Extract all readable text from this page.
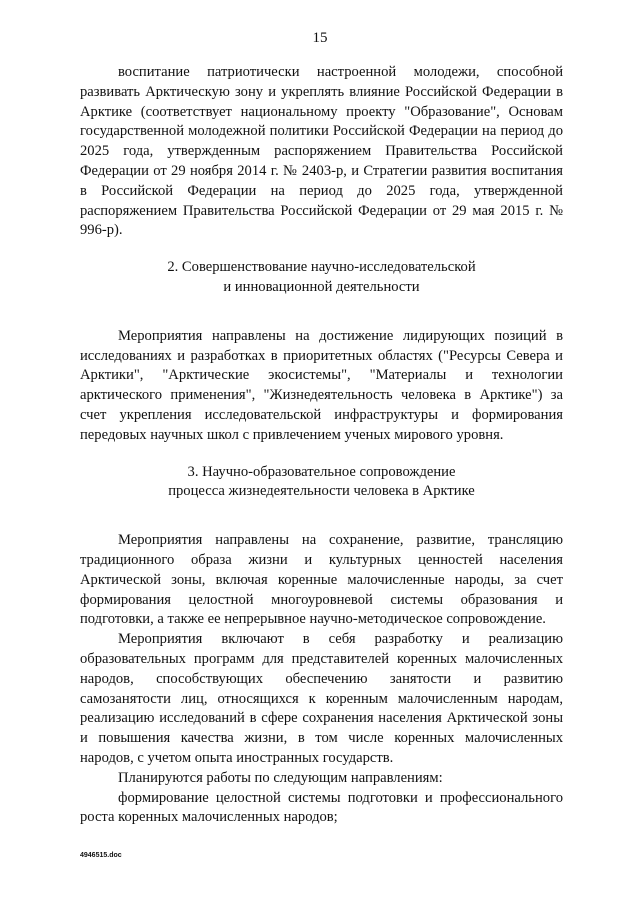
15

воспитание патриотически настроенной молодежи, способной развивать Арктическую зону и укреплять влияние Российской Федерации в Арктике (соответствует национальному проекту "Образование", Основам государственной молодежной политики Российской Федерации на период до 2025 года, утвержденным распоряжением Правительства Российской Федерации от 29 ноября 2014 г. № 2403-р, и Стратегии развития воспитания в Российской Федерации на период до 2025 года, утвержденной распоряжением Правительства Российской Федерации от 29 мая 2015 г. № 996-р).

2. Совершенствование научно-исследовательской
и инновационной деятельности

Мероприятия направлены на достижение лидирующих позиций в исследованиях и разработках в приоритетных областях ("Ресурсы Севера и Арктики", "Арктические экосистемы", "Материалы и технологии арктического применения", "Жизнедеятельность человека в Арктике") за счет укрепления исследовательской инфраструктуры и формирования передовых научных школ с привлечением ученых мирового уровня.

3. Научно-образовательное сопровождение
процесса жизнедеятельности человека в Арктике

Мероприятия направлены на сохранение, развитие, трансляцию традиционного образа жизни и культурных ценностей населения Арктической зоны, включая коренные малочисленные народы, за счет формирования целостной многоуровневой системы образования и подготовки, а также ее непрерывное научно-методическое сопровождение.

Мероприятия включают в себя разработку и реализацию образовательных программ для представителей коренных малочисленных народов, способствующих обеспечению занятости и развитию самозанятости лиц, относящихся к коренным малочисленным народам, реализацию исследований в сфере сохранения населения Арктической зоны и повышения качества жизни, в том числе коренных малочисленных народов, с учетом опыта иностранных государств.

Планируются работы по следующим направлениям:

формирование целостной системы подготовки и профессионального роста коренных малочисленных народов;

4946515.doc
